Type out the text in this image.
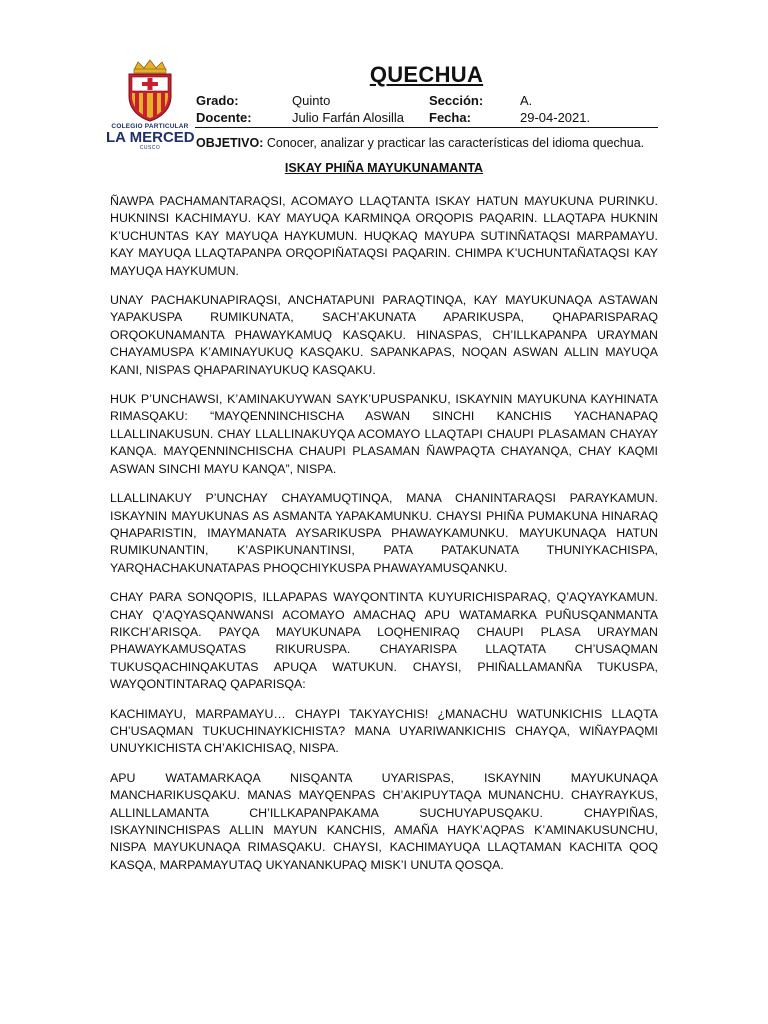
COLEGIO PARTICULAR
LA MERCED
CUSCO
QUECHUA
Grado:	Quinto	Sección:	A.
Docente:	Julio Farfán Alosilla Fecha:	29-04-2021.
OBJETIVO: Conocer, analizar y practicar las características del idioma quechua.
ISKAY PHIÑA MAYUKUNAMANTA

ÑAWPA PACHAMANTARAQSI, ACOMAYO LLAQTANTA ISKAY HATUN MAYUKUNA PURINKU. HUKNINSI KACHIMAYU. KAY MAYUQA KARMINQA ORQOPIS PAQARIN. LLAQTAPA HUKNIN K’UCHUNTAS KAY MAYUQA HAYKUMUN. HUQKAQ MAYUPA SUTINÑATAQSI MARPAMAYU. KAY MAYUQA LLAQTAPANPA ORQOPIÑATAQSI PAQARIN. CHIMPA K’UCHUNTAÑATAQSI KAY MAYUQA HAYKUMUN.

UNAY PACHAKUNAPIRAQSI, ANCHATAPUNI PARAQTINQA, KAY MAYUKUNAQA ASTAWAN YAPAKUSPA RUMIKUNATA, SACH’AKUNATA APARIKUSPA, QHAPARISPARAQ ORQOKUNAMANTA PHAWAYKAMUQ KASQAKU. HINASPAS, CH’ILLKAPANPA URAYMAN CHAYAMUSPA K’AMINAYUKUQ KASQAKU. SAPANKAPAS, NOQAN ASWAN ALLIN MAYUQA KANI, NISPAS QHAPARINAYUKUQ KASQAKU.

HUK P’UNCHAWSI, K’AMINAKUYWAN SAYK’UPUSPANKU, ISKAYNIN MAYUKUNA KAYHINATA RIMASQAKU: “MAYQENNINCHISCHA ASWAN SINCHI KANCHIS YACHANAPAQ LLALLINAKUSUN. CHAY LLALLINAKUYQA ACOMAYO LLAQTAPI CHAUPI PLASAMAN CHAYAY KANQA. MAYQENNINCHISCHA CHAUPI PLASAMAN ÑAWPAQTA CHAYANQA, CHAY KAQMI ASWAN SINCHI MAYU KANQA”, NISPA.

LLALLINAKUY P’UNCHAY CHAYAMUQTINQA, MANA CHANINTARAQSI PARAYKAMUN. ISKAYNIN MAYUKUNAS AS ASMANTA YAPAKAMUNKU. CHAYSI PHIÑA PUMAKUNA HINARAQ QHAPARISTIN, IMAYMANATA AYSARIKUSPA PHAWAYKAMUNKU. MAYUKUNAQA HATUN RUMIKUNANTIN, K’ASPIKUNANTINSI, PATA PATAKUNATA THUNIYKACHISPA, YARQHACHAKUNATAPAS PHOQCHIYKUSPA PHAWAYAMUSQANKU.

CHAY PARA SONQOPIS, ILLAPAPAS WAYQONTINTA KUYURICHISPARAQ, Q’AQYAYKAMUN. CHAY Q’AQYASQANWANSI ACOMAYO AMACHAQ APU WATAMARKA PUÑUSQANMANTA RIKCH’ARISQA. PAYQA MAYUKUNAPA LOQHENIRAQ CHAUPI PLASA URAYMAN PHAWAYKAMUSQATAS RIKURUSPA. CHAYARISPA LLAQTATA CH’USAQMAN TUKUSQACHINQAKUTAS APUQA WATUKUN. CHAYSI, PHIÑALLAMANÑA TUKUSPA, WAYQONTINTARAQ QAPARISQA:

KACHIMAYU, MARPAMAYU… CHAYPI TAKYAYCHIS! ¿MANACHU WATUNKICHIS LLAQTA CH’USAQMAN TUKUCHINAYKICHISTA? MANA UYARIWANKICHIS CHAYQA, WIÑAYPAQMI UNUYKICHISTA CH’AKICHISAQ, NISPA.

APU WATAMARKAQA NISQANTA UYARISPAS, ISKAYNIN MAYUKUNAQA MANCHARIKUSQAKU. MANAS MAYQENPAS CH’AKIPUYTAQA MUNANCHU. CHAYRAYKUS, ALLINLLAMANTA CH’ILLKAPANPAKAMA SUCHUYAPUSQAKU. CHAYPIÑAS, ISKAYNINCHISPAS ALLIN MAYUN KANCHIS, AMAÑA HAYK’AQPAS K’AMINAKUSUNCHU, NISPA MAYUKUNAQA RIMASQAKU. CHAYSI, KACHIMAYUQA LLAQTAMAN KACHITA QOQ KASQA, MARPAMAYUTAQ UKYANANKUPAQ MISK’I UNUTA QOSQA.
